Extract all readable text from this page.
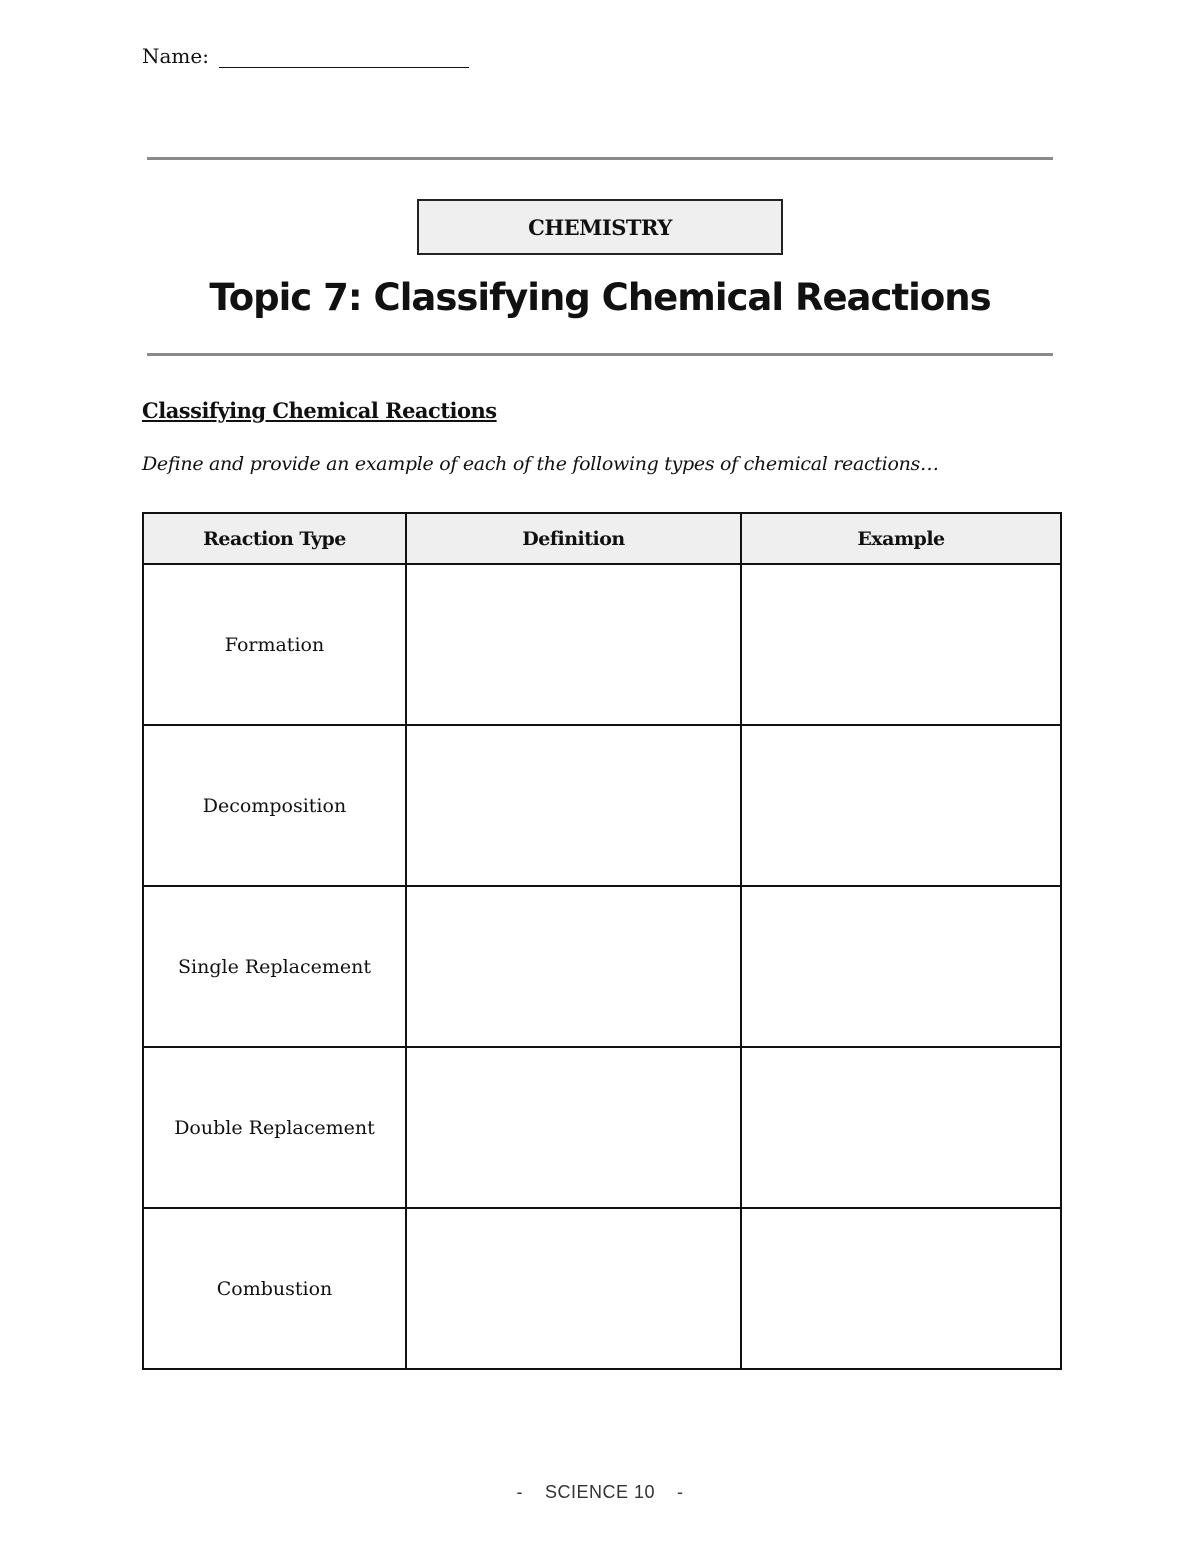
Name:
CHEMISTRY
Topic 7: Classifying Chemical Reactions
Classifying Chemical Reactions
Define and provide an example of each of the following types of chemical reactions…
Reaction Type	Definition	Example
Formation		
Decomposition		
Single Replacement		
Double Replacement		
Combustion		
- SCIENCE 10 -
